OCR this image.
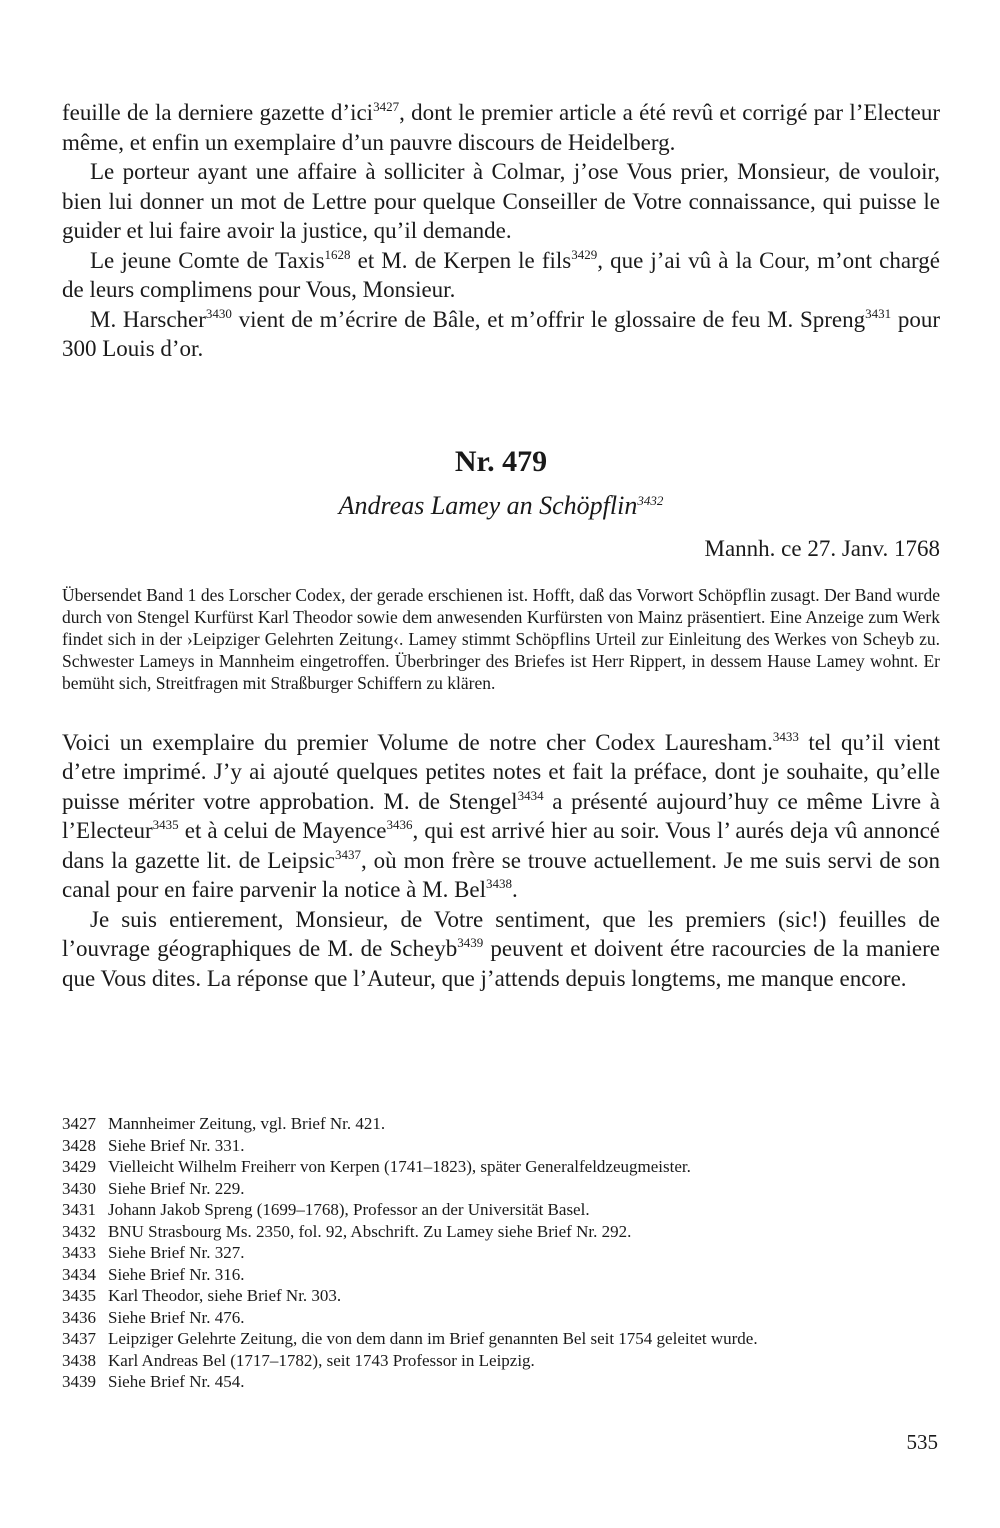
feuille de la derniere gazette d’ici$^{3427}$, dont le premier article a été revû et corrigé par l’Electeur même, et enfin un exemplaire d’un pauvre discours de Heidelberg.

Le porteur ayant une affaire à solliciter à Colmar, j’ose Vous prier, Monsieur, de vouloir, bien lui donner un mot de Lettre pour quelque Conseiller de Votre connaissance, qui puisse le guider et lui faire avoir la justice, qu’il demande.

Le jeune Comte de Taxis$^{1628}$ et M. de Kerpen le fils$^{3429}$, que j’ai vû à la Cour, m’ont chargé de leurs complimens pour Vous, Monsieur.

M. Harscher$^{3430}$ vient de m’écrire de Bâle, et m’offrir le glossaire de feu M. Spreng$^{3431}$ pour 300 Louis d’or.

Nr. 479
Andreas Lamey an Schöpflin$^{3432}$
Mannh. ce 27. Janv. 1768
Übersendet Band 1 des Lorscher Codex, der gerade erschienen ist. Hofft, daß das Vorwort Schöpflin zusagt. Der Band wurde durch von Stengel Kurfürst Karl Theodor sowie dem anwesenden Kurfürsten von Mainz präsentiert. Eine Anzeige zum Werk findet sich in der ›Leipziger Gelehrten Zeitung‹. Lamey stimmt Schöpflins Urteil zur Einleitung des Werkes von Scheyb zu. Schwester Lameys in Mannheim eingetroffen. Überbringer des Briefes ist Herr Rippert, in dessem Hause Lamey wohnt. Er bemüht sich, Streitfragen mit Straßburger Schiffern zu klären.

Voici un exemplaire du premier Volume de notre cher Codex Lauresham.$^{3433}$ tel qu’il vient d’etre imprimé. J’y ai ajouté quelques petites notes et fait la préface, dont je souhaite, qu’elle puisse mériter votre approbation. M. de Stengel$^{3434}$ a présenté aujourd’huy ce même Livre à l’Electeur$^{3435}$ et à celui de Mayence$^{3436}$, qui est arrivé hier au soir. Vous l’ aurés deja vû annoncé dans la gazette lit. de Leipsic$^{3437}$, où mon frère se trouve actuellement. Je me suis servi de son canal pour en faire parvenir la notice à M. Bel$^{3438}$.

Je suis entierement, Monsieur, de Votre sentiment, que les premiers (sic!) feuilles de l’ouvrage géographiques de M. de Scheyb$^{3439}$ peuvent et doivent étre racourcies de la maniere que Vous dites. La réponse que l’Auteur, que j’attends depuis longtems, me manque encore.

3427 Mannheimer Zeitung, vgl. Brief Nr. 421.
3428 Siehe Brief Nr. 331.
3429 Vielleicht Wilhelm Freiherr von Kerpen (1741–1823), später Generalfeldzeugmeister.
3430 Siehe Brief Nr. 229.
3431 Johann Jakob Spreng (1699–1768), Professor an der Universität Basel.
3432 BNU Strasbourg Ms. 2350, fol. 92, Abschrift. Zu Lamey siehe Brief Nr. 292.
3433 Siehe Brief Nr. 327.
3434 Siehe Brief Nr. 316.
3435 Karl Theodor, siehe Brief Nr. 303.
3436 Siehe Brief Nr. 476.
3437 Leipziger Gelehrte Zeitung, die von dem dann im Brief genannten Bel seit 1754 geleitet wurde.
3438 Karl Andreas Bel (1717–1782), seit 1743 Professor in Leipzig.
3439 Siehe Brief Nr. 454.
535
